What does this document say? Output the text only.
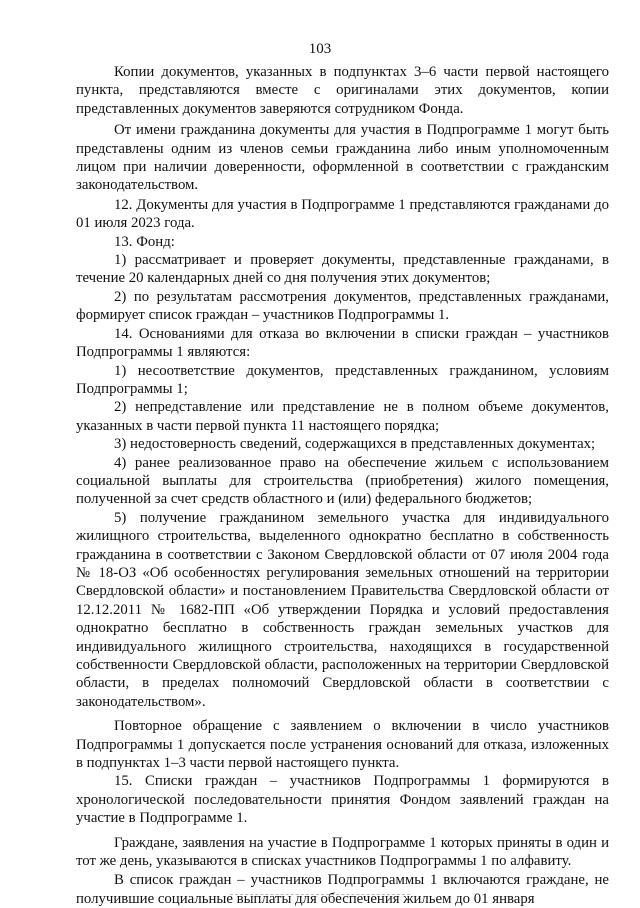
103

Копии документов, указанных в подпунктах 3–6 части первой настоящего пункта, представляются вместе с оригиналами этих документов, копии представленных документов заверяются сотрудником Фонда.

От имени гражданина документы для участия в Подпрограмме 1 могут быть представлены одним из членов семьи гражданина либо иным уполномоченным лицом при наличии доверенности, оформленной в соответствии с гражданским законодательством.

12. Документы для участия в Подпрограмме 1 представляются гражданами до 01 июля 2023 года.

13. Фонд:

1) рассматривает и проверяет документы, представленные гражданами, в течение 20 календарных дней со дня получения этих документов;

2) по результатам рассмотрения документов, представленных гражданами, формирует список граждан – участников Подпрограммы 1.

14. Основаниями для отказа во включении в списки граждан – участников Подпрограммы 1 являются:

1) несоответствие документов, представленных гражданином, условиям Подпрограммы 1;

2) непредставление или представление не в полном объеме документов, указанных в части первой пункта 11 настоящего порядка;

3) недостоверность сведений, содержащихся в представленных документах;

4) ранее реализованное право на обеспечение жильем с использованием социальной выплаты для строительства (приобретения) жилого помещения, полученной за счет средств областного и (или) федерального бюджетов;

5) получение гражданином земельного участка для индивидуального жилищного строительства, выделенного однократно бесплатно в собственность гражданина в соответствии с Законом Свердловской области от 07 июля 2004 года № 18-ОЗ «Об особенностях регулирования земельных отношений на территории Свердловской области» и постановлением Правительства Свердловской области от 12.12.2011 № 1682-ПП «Об утверждении Порядка и условий предоставления однократно бесплатно в собственность граждан земельных участков для индивидуального жилищного строительства, находящихся в государственной собственности Свердловской области, расположенных на территории Свердловской области, в пределах полномочий Свердловской области в соответствии с законодательством».

Повторное обращение с заявлением о включении в число участников Подпрограммы 1 допускается после устранения оснований для отказа, изложенных в подпунктах 1–3 части первой настоящего пункта.

15. Списки граждан – участников Подпрограммы 1 формируются в хронологической последовательности принятия Фондом заявлений граждан на участие в Подпрограмме 1.

Граждане, заявления на участие в Подпрограмме 1 которых приняты в один и тот же день, указываются в списках участников Подпрограммы 1 по алфавиту.

В список граждан – участников Подпрограммы 1 включаются граждане, не получившие социальные выплаты для обеспечения жильем до 01 января
